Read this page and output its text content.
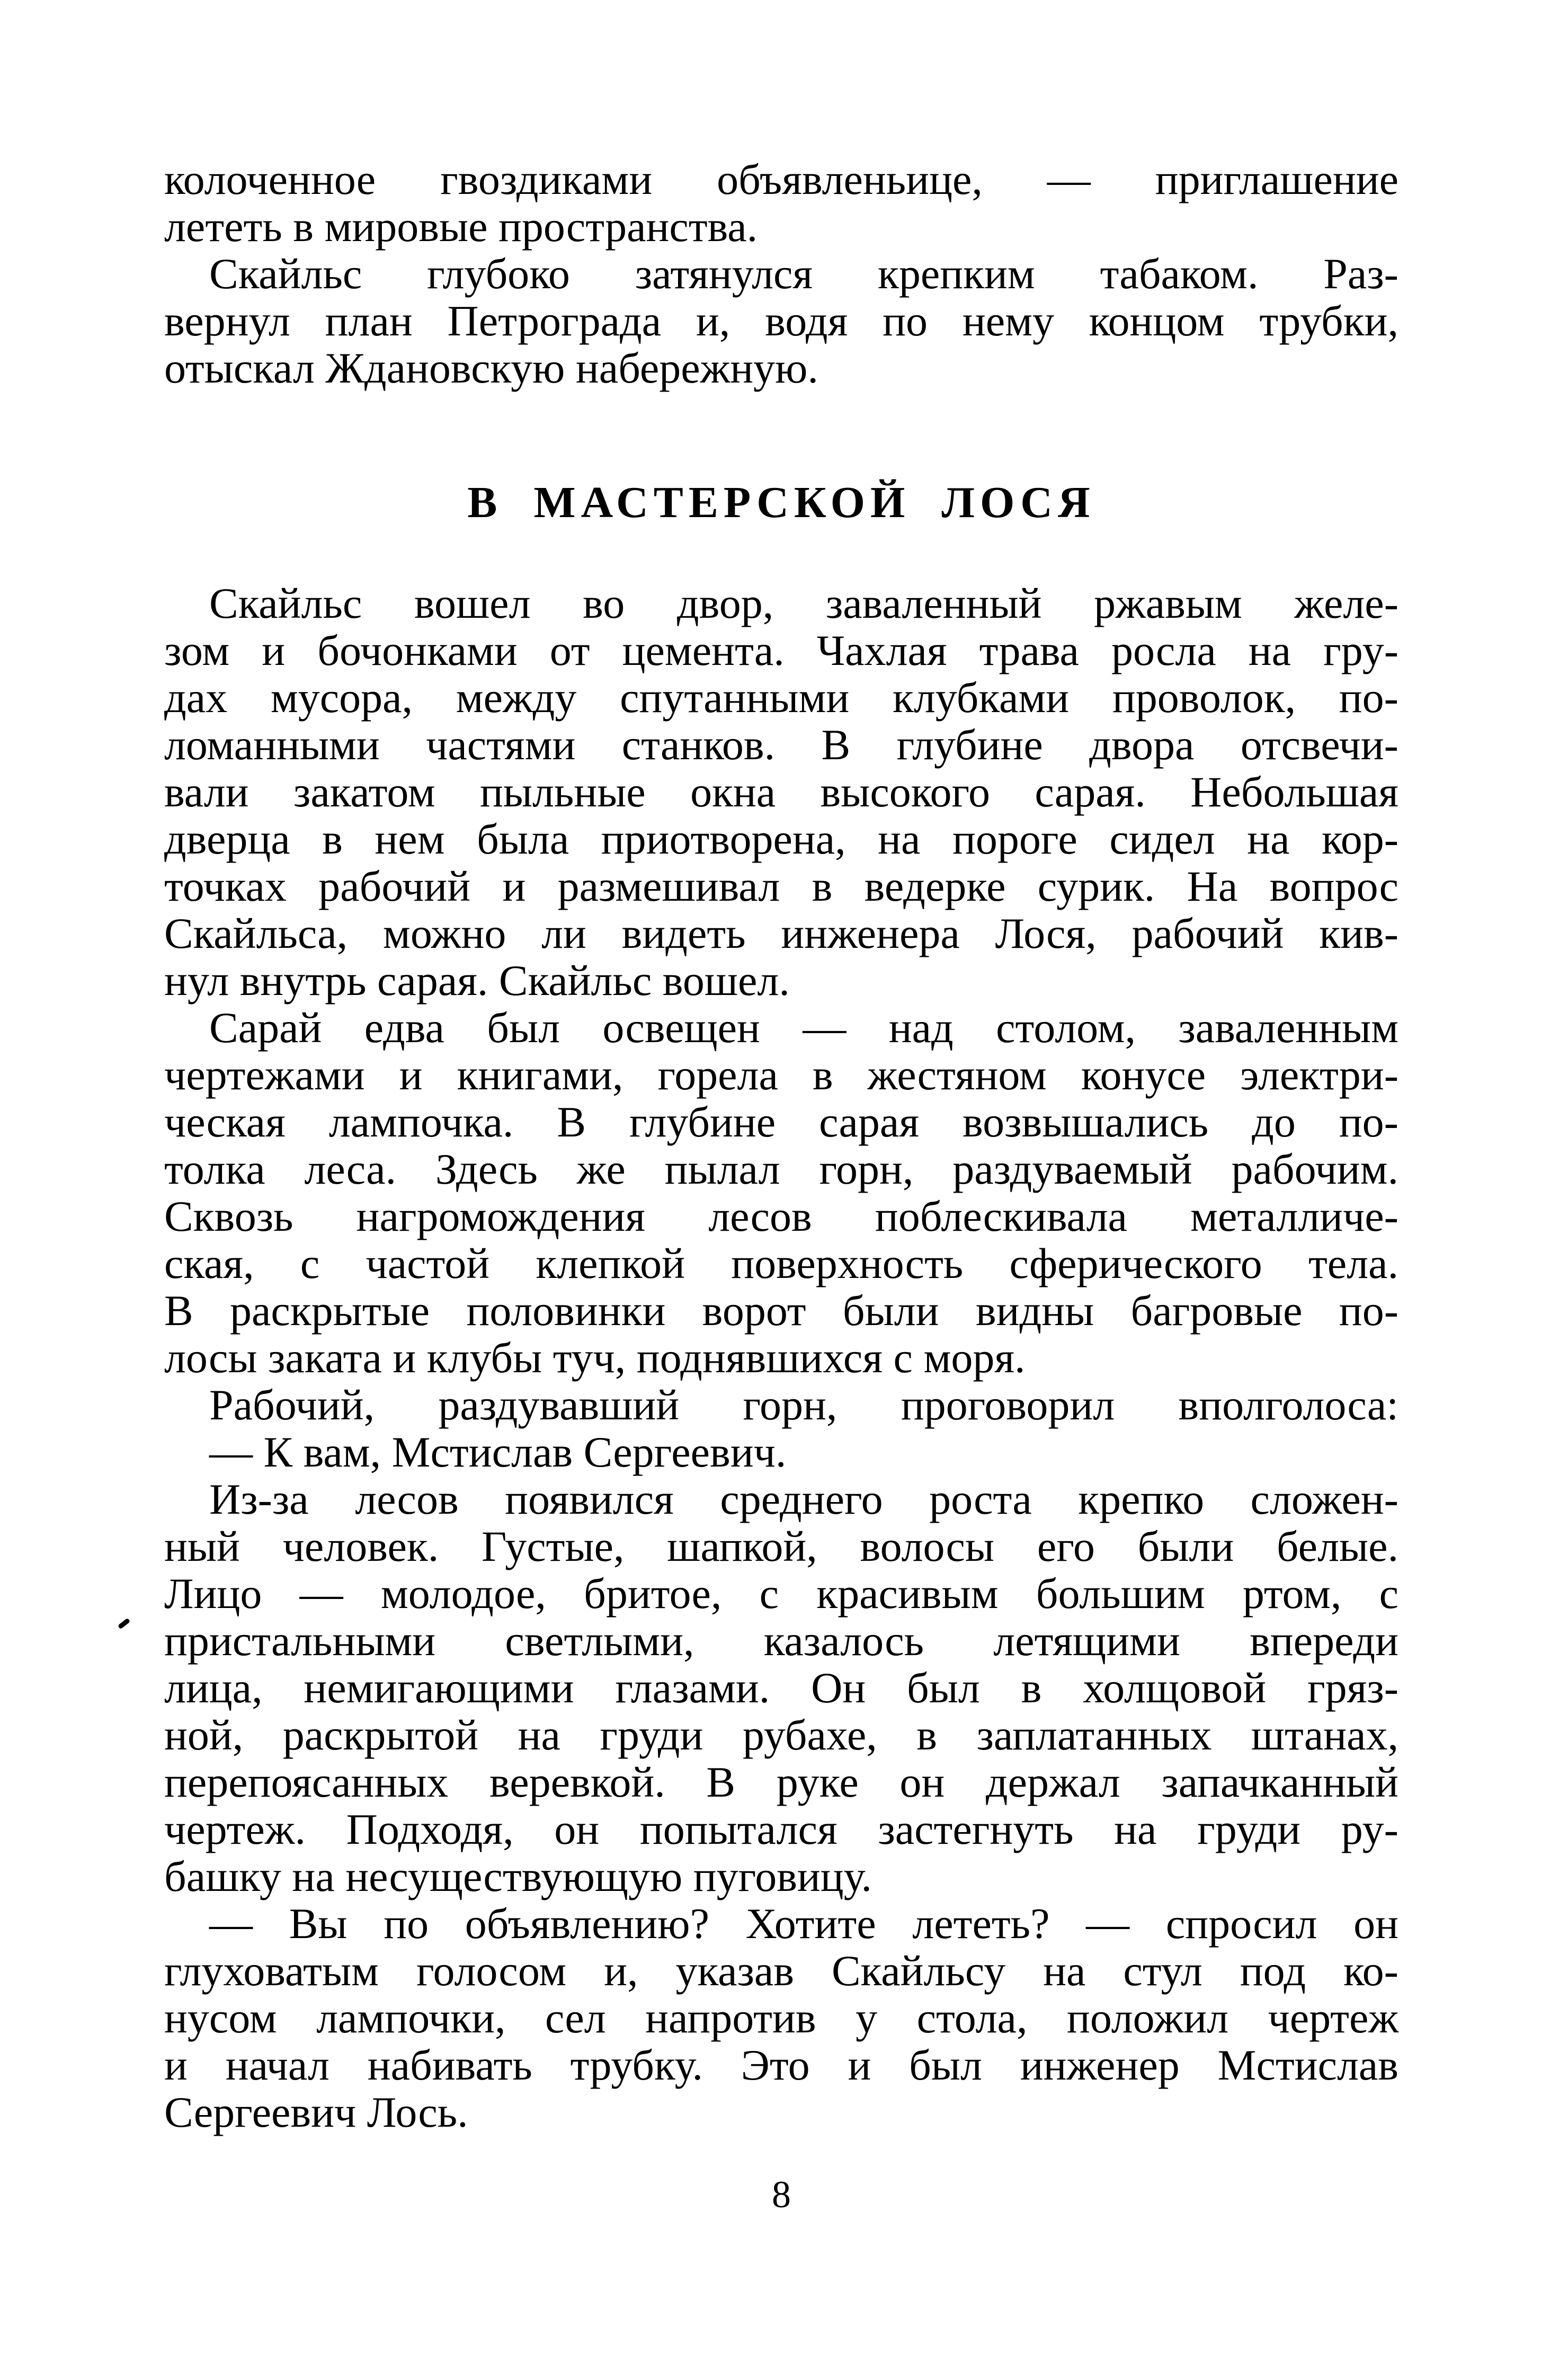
колоченное гвоздиками объявленьице, — приглашение
лететь в мировые пространства.
Скайльс глубоко затянулся крепким табаком. Раз-
вернул план Петрограда и, водя по нему концом трубки,
отыскал Ждановскую набережную.
В МАСТЕРСКОЙ ЛОСЯ
Скайльс вошел во двор, заваленный ржавым желе-
зом и бочонками от цемента. Чахлая трава росла на гру-
дах мусора, между спутанными клубками проволок, по-
ломанными частями станков. В глубине двора отсвечи-
вали закатом пыльные окна высокого сарая. Небольшая
дверца в нем была приотворена, на пороге сидел на кор-
точках рабочий и размешивал в ведерке сурик. На вопрос
Скайльса, можно ли видеть инженера Лося, рабочий кив-
нул внутрь сарая. Скайльс вошел.
Сарай едва был освещен — над столом, заваленным
чертежами и книгами, горела в жестяном конусе электри-
ческая лампочка. В глубине сарая возвышались до по-
толка леса. Здесь же пылал горн, раздуваемый рабочим.
Сквозь нагромождения лесов поблескивала металличе-
ская, с частой клепкой поверхность сферического тела.
В раскрытые половинки ворот были видны багровые по-
лосы заката и клубы туч, поднявшихся с моря.
Рабочий, раздувавший горн, проговорил вполголоса:
— К вам, Мстислав Сергеевич.
Из-за лесов появился среднего роста крепко сложен-
ный человек. Густые, шапкой, волосы его были белые.
Лицо — молодое, бритое, с красивым большим ртом, с
пристальными светлыми, казалось летящими впереди
лица, немигающими глазами. Он был в холщовой гряз-
ной, раскрытой на груди рубахе, в заплатанных штанах,
перепоясанных веревкой. В руке он держал запачканный
чертеж. Подходя, он попытался застегнуть на груди ру-
башку на несуществующую пуговицу.
— Вы по объявлению? Хотите лететь? — спросил он
глуховатым голосом и, указав Скайльсу на стул под ко-
нусом лампочки, сел напротив у стола, положил чертеж
и начал набивать трубку. Это и был инженер Мстислав
Сергеевич Лось.
8
